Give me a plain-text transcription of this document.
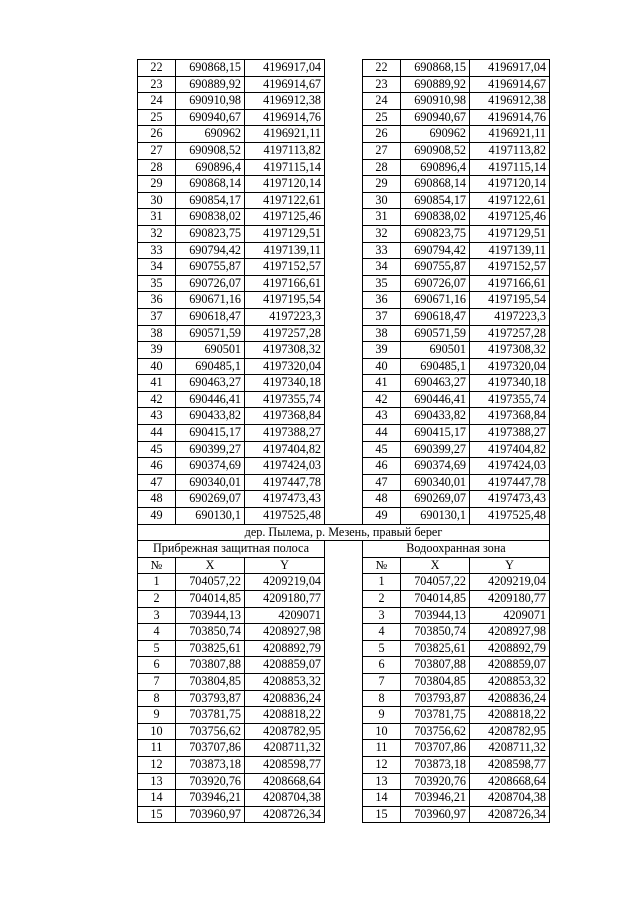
22	690868,15	4196917,04		22	690868,15	4196917,04
23	690889,92	4196914,67		23	690889,92	4196914,67
24	690910,98	4196912,38		24	690910,98	4196912,38
25	690940,67	4196914,76		25	690940,67	4196914,76
26	690962	4196921,11		26	690962	4196921,11
27	690908,52	4197113,82		27	690908,52	4197113,82
28	690896,4	4197115,14		28	690896,4	4197115,14
29	690868,14	4197120,14		29	690868,14	4197120,14
30	690854,17	4197122,61		30	690854,17	4197122,61
31	690838,02	4197125,46		31	690838,02	4197125,46
32	690823,75	4197129,51		32	690823,75	4197129,51
33	690794,42	4197139,11		33	690794,42	4197139,11
34	690755,87	4197152,57		34	690755,87	4197152,57
35	690726,07	4197166,61		35	690726,07	4197166,61
36	690671,16	4197195,54		36	690671,16	4197195,54
37	690618,47	4197223,3		37	690618,47	4197223,3
38	690571,59	4197257,28		38	690571,59	4197257,28
39	690501	4197308,32		39	690501	4197308,32
40	690485,1	4197320,04		40	690485,1	4197320,04
41	690463,27	4197340,18		41	690463,27	4197340,18
42	690446,41	4197355,74		42	690446,41	4197355,74
43	690433,82	4197368,84		43	690433,82	4197368,84
44	690415,17	4197388,27		44	690415,17	4197388,27
45	690399,27	4197404,82		45	690399,27	4197404,82
46	690374,69	4197424,03		46	690374,69	4197424,03
47	690340,01	4197447,78		47	690340,01	4197447,78
48	690269,07	4197473,43		48	690269,07	4197473,43
49	690130,1	4197525,48		49	690130,1	4197525,48
дер. Пылема, р. Мезень, правый берег						
Прибрежная защитная полоса				Водоохранная зона		
№	X	Y		№	X	Y
1	704057,22	4209219,04		1	704057,22	4209219,04
2	704014,85	4209180,77		2	704014,85	4209180,77
3	703944,13	4209071		3	703944,13	4209071
4	703850,74	4208927,98		4	703850,74	4208927,98
5	703825,61	4208892,79		5	703825,61	4208892,79
6	703807,88	4208859,07		6	703807,88	4208859,07
7	703804,85	4208853,32		7	703804,85	4208853,32
8	703793,87	4208836,24		8	703793,87	4208836,24
9	703781,75	4208818,22		9	703781,75	4208818,22
10	703756,62	4208782,95		10	703756,62	4208782,95
11	703707,86	4208711,32		11	703707,86	4208711,32
12	703873,18	4208598,77		12	703873,18	4208598,77
13	703920,76	4208668,64		13	703920,76	4208668,64
14	703946,21	4208704,38		14	703946,21	4208704,38
15	703960,97	4208726,34		15	703960,97	4208726,34
